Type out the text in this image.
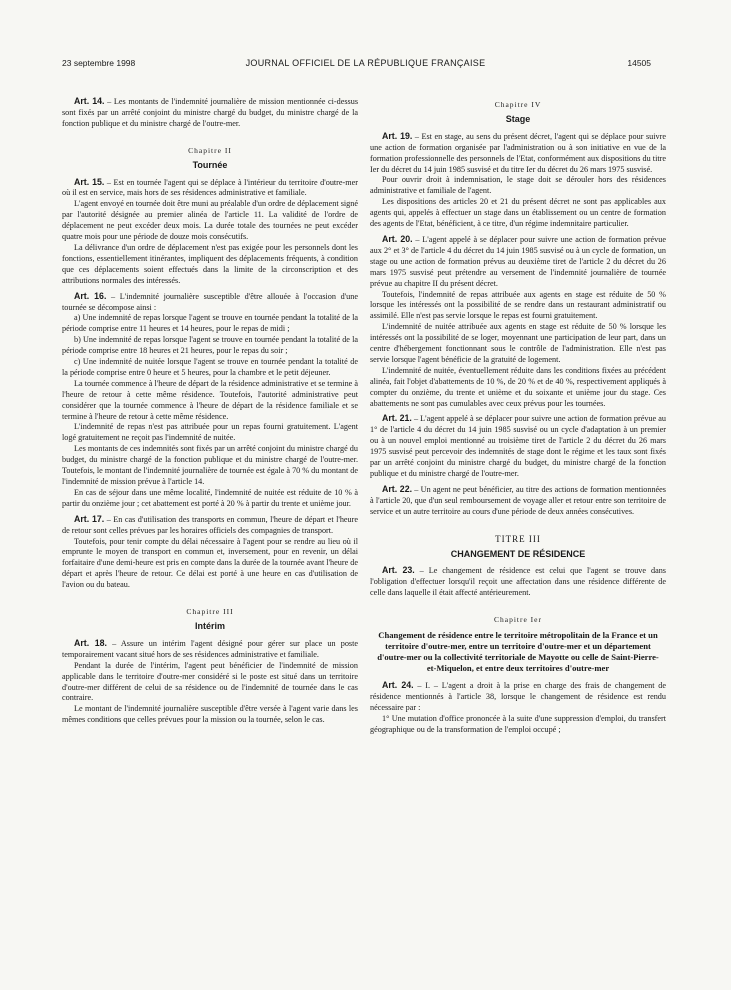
23 septembre 1998	JOURNAL OFFICIEL DE LA RÉPUBLIQUE FRANÇAISE	14505

Art. 14. – Les montants de l'indemnité journalière de mission mentionnée ci-dessus sont fixés par un arrêté conjoint du ministre chargé du budget, du ministre chargé de la fonction publique et du ministre chargé de l'outre-mer.

Chapitre II

Tournée

Art. 15. – Est en tournée l'agent qui se déplace à l'intérieur du territoire d'outre-mer où il est en service, mais hors de ses résidences administrative et familiale.

L'agent envoyé en tournée doit être muni au préalable d'un ordre de déplacement signé par l'autorité désignée au premier alinéa de l'article 11. La validité de l'ordre de déplacement ne peut excéder deux mois. La durée totale des tournées ne peut excéder quatre mois pour une période de douze mois consécutifs.

La délivrance d'un ordre de déplacement n'est pas exigée pour les personnels dont les fonctions, essentiellement itinérantes, impliquent des déplacements fréquents, à condition que ces déplacements soient effectués dans la limite de la circonscription et des attributions normales des intéressés.

Art. 16. – L'indemnité journalière susceptible d'être allouée à l'occasion d'une tournée se décompose ainsi :

a) Une indemnité de repas lorsque l'agent se trouve en tournée pendant la totalité de la période comprise entre 11 heures et 14 heures, pour le repas de midi ;

b) Une indemnité de repas lorsque l'agent se trouve en tournée pendant la totalité de la période comprise entre 18 heures et 21 heures, pour le repas du soir ;

c) Une indemnité de nuitée lorsque l'agent se trouve en tournée pendant la totalité de la période comprise entre 0 heure et 5 heures, pour la chambre et le petit déjeuner.

La tournée commence à l'heure de départ de la résidence administrative et se termine à l'heure de retour à cette même résidence. Toutefois, l'autorité administrative peut considérer que la tournée commence à l'heure de départ de la résidence familiale et se termine à l'heure de retour à cette même résidence.

L'indemnité de repas n'est pas attribuée pour un repas fourni gratuitement. L'agent logé gratuitement ne reçoit pas l'indemnité de nuitée.

Les montants de ces indemnités sont fixés par un arrêté conjoint du ministre chargé du budget, du ministre chargé de la fonction publique et du ministre chargé de l'outre-mer. Toutefois, le montant de l'indemnité journalière de tournée est égale à 70 % du montant de l'indemnité de mission prévue à l'article 14.

En cas de séjour dans une même localité, l'indemnité de nuitée est réduite de 10 % à partir du onzième jour ; cet abattement est porté à 20 % à partir du trente et unième jour.

Art. 17. – En cas d'utilisation des transports en commun, l'heure de départ et l'heure de retour sont celles prévues par les horaires officiels des compagnies de transport.

Toutefois, pour tenir compte du délai nécessaire à l'agent pour se rendre au lieu où il emprunte le moyen de transport en commun et, inversement, pour en revenir, un délai forfaitaire d'une demi-heure est pris en compte dans la durée de la tournée avant l'heure de départ et après l'heure de retour. Ce délai est porté à une heure en cas d'utilisation de l'avion ou du bateau.

Chapitre III

Intérim

Art. 18. – Assure un intérim l'agent désigné pour gérer sur place un poste temporairement vacant situé hors de ses résidences administrative et familiale.

Pendant la durée de l'intérim, l'agent peut bénéficier de l'indemnité de mission applicable dans le territoire d'outre-mer considéré si le poste est situé dans un territoire d'outre-mer différent de celui de sa résidence ou de l'indemnité de tournée dans le cas contraire.

Le montant de l'indemnité journalière susceptible d'être versée à l'agent varie dans les mêmes conditions que celles prévues pour la mission ou la tournée, selon le cas.

Chapitre IV

Stage

Art. 19. – Est en stage, au sens du présent décret, l'agent qui se déplace pour suivre une action de formation organisée par l'administration ou à son initiative en vue de la formation professionnelle des personnels de l'Etat, conformément aux dispositions du titre Ier du décret du 14 juin 1985 susvisé et du titre Ier du décret du 26 mars 1975 susvisé.

Pour ouvrir droit à indemnisation, le stage doit se dérouler hors des résidences administrative et familiale de l'agent.

Les dispositions des articles 20 et 21 du présent décret ne sont pas applicables aux agents qui, appelés à effectuer un stage dans un établissement ou un centre de formation des agents de l'Etat, bénéficient, à ce titre, d'un régime indemnitaire particulier.

Art. 20. – L'agent appelé à se déplacer pour suivre une action de formation prévue aux 2° et 3° de l'article 4 du décret du 14 juin 1985 susvisé ou à un cycle de formation, un stage ou une action de formation prévus au deuxième tiret de l'article 2 du décret du 26 mars 1975 susvisé peut prétendre au versement de l'indemnité journalière de tournée prévue au chapitre II du présent décret.

Toutefois, l'indemnité de repas attribuée aux agents en stage est réduite de 50 % lorsque les intéressés ont la possibilité de se rendre dans un restaurant administratif ou assimilé. Elle n'est pas servie lorsque le repas est fourni gratuitement.

L'indemnité de nuitée attribuée aux agents en stage est réduite de 50 % lorsque les intéressés ont la possibilité de se loger, moyennant une participation de leur part, dans un centre d'hébergement fonctionnant sous le contrôle de l'administration. Elle n'est pas servie lorsque l'agent bénéficie de la gratuité de logement.

L'indemnité de nuitée, éventuellement réduite dans les conditions fixées au précédent alinéa, fait l'objet d'abattements de 10 %, de 20 % et de 40 %, respectivement appliqués à compter du onzième, du trente et unième et du soixante et unième jour du stage. Ces abattements ne sont pas cumulables avec ceux prévus pour les tournées.

Art. 21. – L'agent appelé à se déplacer pour suivre une action de formation prévue au 1° de l'article 4 du décret du 14 juin 1985 susvisé ou un cycle d'adaptation à un premier ou à un nouvel emploi mentionné au troisième tiret de l'article 2 du décret du 26 mars 1975 susvisé peut percevoir des indemnités de stage dont le régime et les taux sont fixés par un arrêté conjoint du ministre chargé du budget, du ministre chargé de la fonction publique et du ministre chargé de l'outre-mer.

Art. 22. – Un agent ne peut bénéficier, au titre des actions de formation mentionnées à l'article 20, que d'un seul remboursement de voyage aller et retour entre son territoire de service et un autre territoire au cours d'une période de deux années consécutives.

TITRE III

CHANGEMENT DE RÉSIDENCE

Art. 23. – Le changement de résidence est celui que l'agent se trouve dans l'obligation d'effectuer lorsqu'il reçoit une affectation dans une résidence différente de celle dans laquelle il était affecté antérieurement.

Chapitre Ier

Changement de résidence entre le territoire métropolitain de la France et un territoire d'outre-mer, entre un territoire d'outre-mer et un département d'outre-mer ou la collectivité territoriale de Mayotte ou celle de Saint-Pierre-et-Miquelon, et entre deux territoires d'outre-mer

Art. 24. – I. – L'agent a droit à la prise en charge des frais de changement de résidence mentionnés à l'article 38, lorsque le changement de résidence est rendu nécessaire par :

1° Une mutation d'office prononcée à la suite d'une suppression d'emploi, du transfert géographique ou de la transformation de l'emploi occupé ;
